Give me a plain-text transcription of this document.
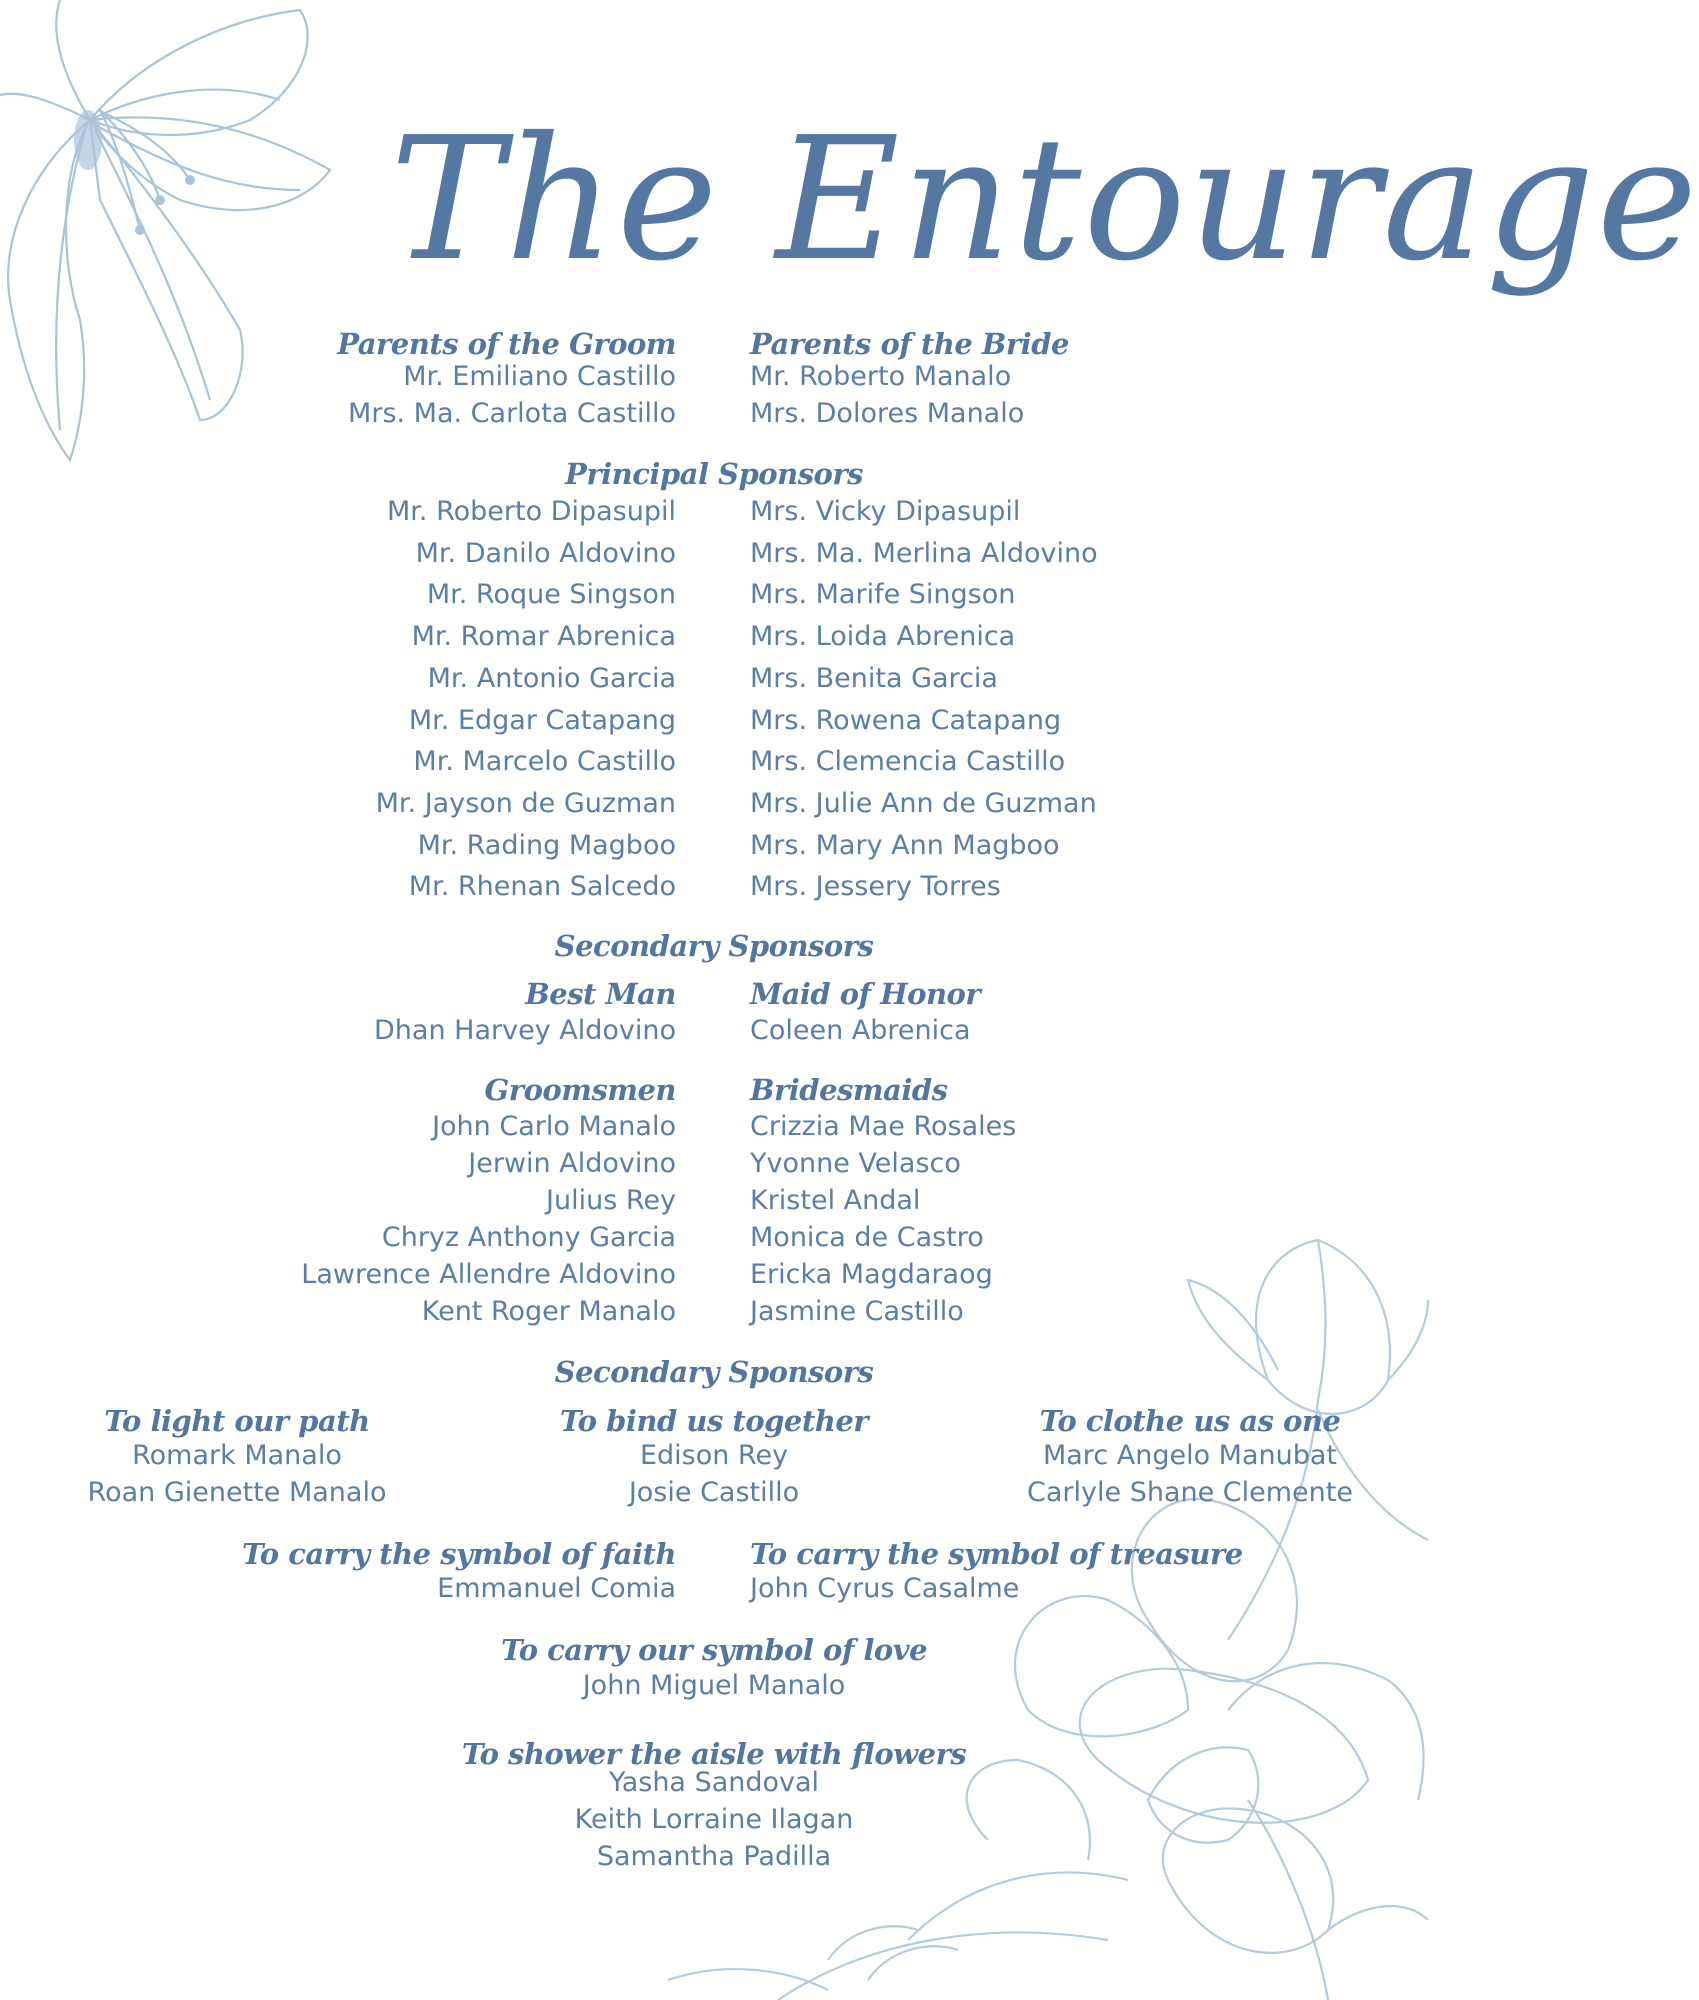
The Entourage
Parents of the Groom
Mr. Emiliano Castillo
Mrs. Ma. Carlota Castillo
Parents of the Bride
Mr. Roberto Manalo
Mrs. Dolores Manalo
Principal Sponsors
Mr. Roberto Dipasupil
Mr. Danilo Aldovino
Mr. Roque Singson
Mr. Romar Abrenica
Mr. Antonio Garcia
Mr. Edgar Catapang
Mr. Marcelo Castillo
Mr. Jayson de Guzman
Mr. Rading Magboo
Mr. Rhenan Salcedo
Mrs. Vicky Dipasupil
Mrs. Ma. Merlina Aldovino
Mrs. Marife Singson
Mrs. Loida Abrenica
Mrs. Benita Garcia
Mrs. Rowena Catapang
Mrs. Clemencia Castillo
Mrs. Julie Ann de Guzman
Mrs. Mary Ann Magboo
Mrs. Jessery Torres
Secondary Sponsors
Best Man
Dhan Harvey Aldovino
Maid of Honor
Coleen Abrenica
Groomsmen
John Carlo Manalo
Jerwin Aldovino
Julius Rey
Chryz Anthony Garcia
Lawrence Allendre Aldovino
Kent Roger Manalo
Bridesmaids
Crizzia Mae Rosales
Yvonne Velasco
Kristel Andal
Monica de Castro
Ericka Magdaraog
Jasmine Castillo
Secondary Sponsors
To light our path
Romark Manalo
Roan Gienette Manalo
To bind us together
Edison Rey
Josie Castillo
To clothe us as one
Marc Angelo Manubat
Carlyle Shane Clemente
To carry the symbol of faith
Emmanuel Comia
To carry the symbol of treasure
John Cyrus Casalme
To carry our symbol of love
John Miguel Manalo
To shower the aisle with flowers
Yasha Sandoval
Keith Lorraine Ilagan
Samantha Padilla
